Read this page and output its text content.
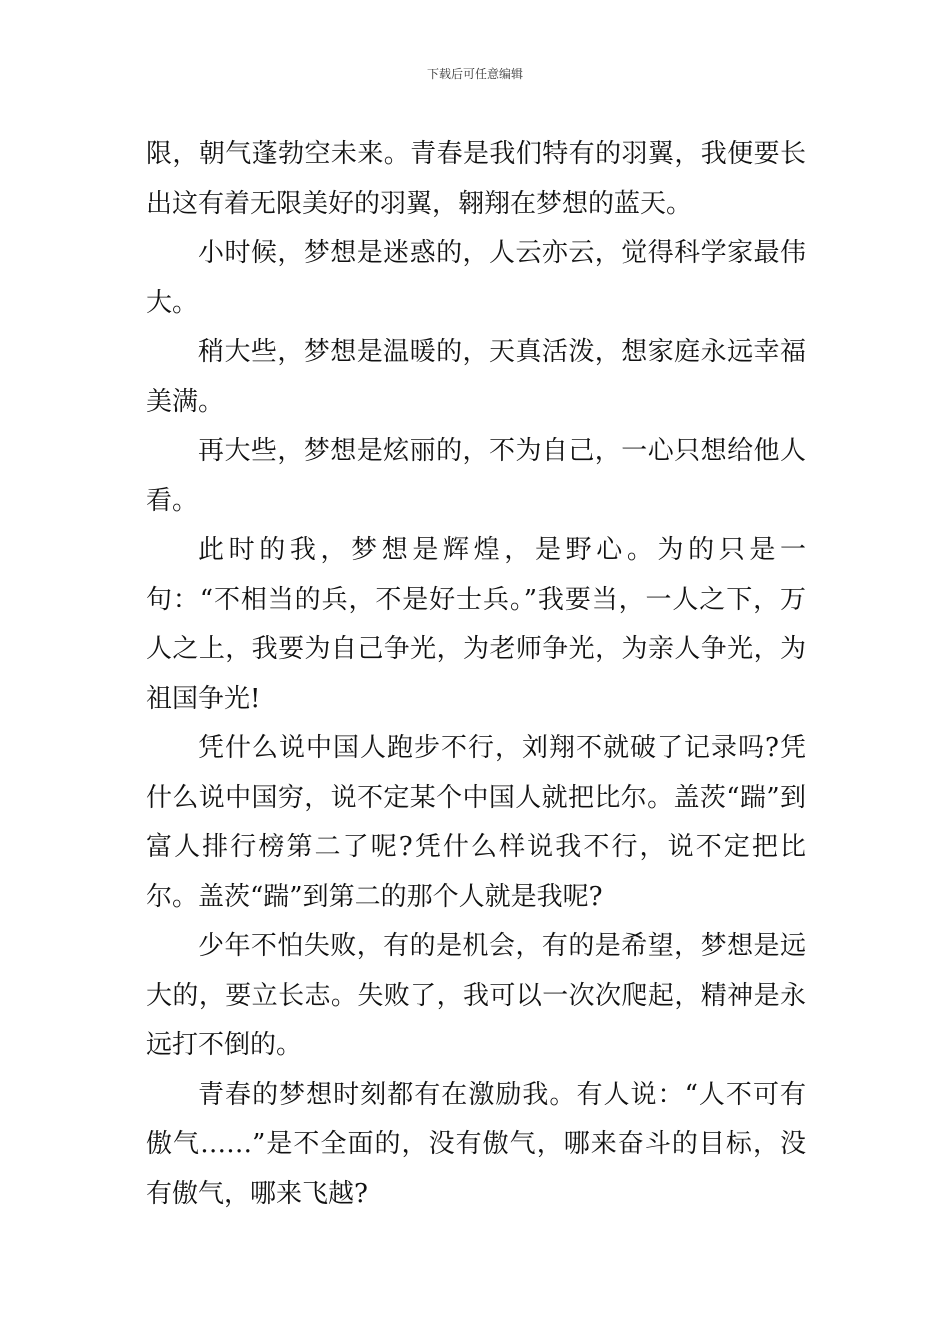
下载后可任意编辑

限，朝气蓬勃空未来。青春是我们特有的羽翼，我便要长出这有着无限美好的羽翼，翱翔在梦想的蓝天。

小时候，梦想是迷惑的，人云亦云，觉得科学家最伟大。

稍大些，梦想是温暖的，天真活泼，想家庭永远幸福美满。

再大些，梦想是炫丽的，不为自己，一心只想给他人看。

此时的我，梦想是辉煌，是野心。为的只是一句：“不相当的兵，不是好士兵。”我要当，一人之下，万人之上，我要为自己争光，为老师争光，为亲人争光，为祖国争光!

凭什么说中国人跑步不行，刘翔不就破了记录吗?凭什么说中国穷，说不定某个中国人就把比尔。盖茨“踹”到富人排行榜第二了呢?凭什么样说我不行，说不定把比尔。盖茨“踹”到第二的那个人就是我呢?

少年不怕失败，有的是机会，有的是希望，梦想是远大的，要立长志。失败了，我可以一次次爬起，精神是永远打不倒的。

青春的梦想时刻都有在激励我。有人说：“人不可有傲气……”是不全面的，没有傲气，哪来奋斗的目标，没有傲气，哪来飞越?
